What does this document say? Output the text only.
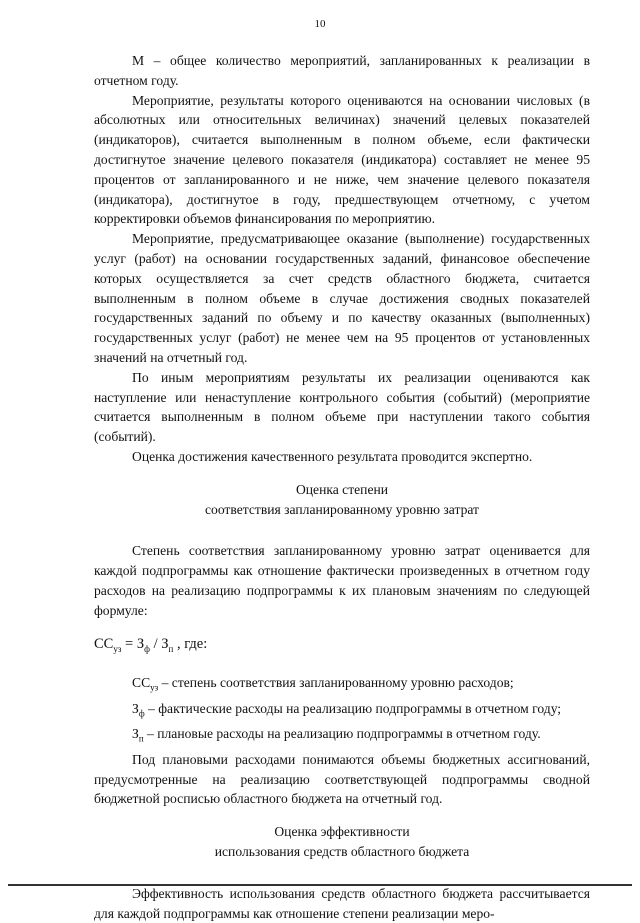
10

М – общее количество мероприятий, запланированных к реализации в отчетном году.

Мероприятие, результаты которого оцениваются на основании числовых (в абсолютных или относительных величинах) значений целевых показателей (индикаторов), считается выполненным в полном объеме, если фактически достигнутое значение целевого показателя (индикатора) составляет не менее 95 процентов от запланированного и не ниже, чем значение целевого показателя (индикатора), достигнутое в году, предшествующем отчетному, с учетом корректировки объемов финансирования по мероприятию.

Мероприятие, предусматривающее оказание (выполнение) государственных услуг (работ) на основании государственных заданий, финансовое обеспечение которых осуществляется за счет средств областного бюджета, считается выполненным в полном объеме в случае достижения сводных показателей государственных заданий по объему и по качеству оказанных (выполненных) государственных услуг (работ) не менее чем на 95 процентов от установленных значений на отчетный год.

По иным мероприятиям результаты их реализации оцениваются как наступление или ненаступление контрольного события (событий) (мероприятие считается выполненным в полном объеме при наступлении такого события (событий).

Оценка достижения качественного результата проводится экспертно.

Оценка степени
соответствия запланированному уровню затрат

Степень соответствия запланированному уровню затрат оценивается для каждой подпрограммы как отношение фактически произведенных в отчетном году расходов на реализацию подпрограммы к их плановым значениям по следующей формуле:

$СС_{уз} = З_ф / З_п$ , где:

$СС_{уз}$ – степень соответствия запланированному уровню расходов;

$З_ф$ – фактические расходы на реализацию подпрограммы в отчетном году;

$З_п$ – плановые расходы на реализацию подпрограммы в отчетном году.

Под плановыми расходами понимаются объемы бюджетных ассигнований, предусмотренные на реализацию соответствующей подпрограммы сводной бюджетной росписью областного бюджета на отчетный год.

Оценка эффективности
использования средств областного бюджета

Эффективность использования средств областного бюджета рассчитывается для каждой подпрограммы как отношение степени реализации меро-
